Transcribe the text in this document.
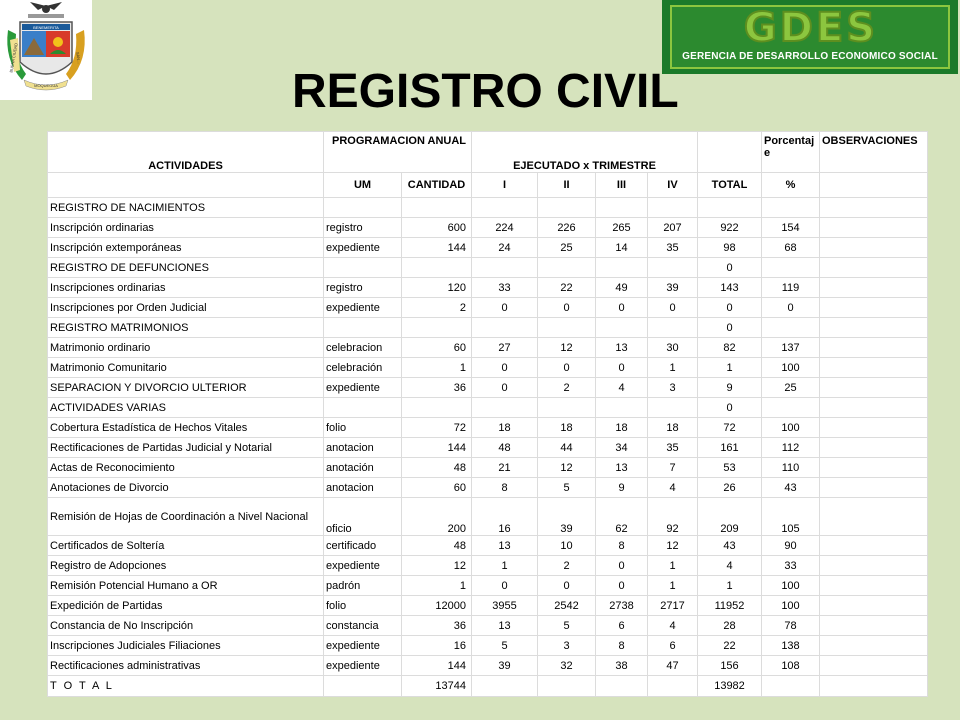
BENEMERITA
BUENA CIUDAD	SAN...
MOQUEGUA
GDES
GERENCIA DE DESARROLLO ECONOMICO SOCIAL
REGISTRO CIVIL
ACTIVIDADES	PROGRAMACION ANUAL		EJECUTADO x TRIMESTRE					Porcentaje	OBSERVACIONES
	UM	CANTIDAD	I	II	III	IV	TOTAL	%	
REGISTRO DE NACIMIENTOS									
Inscripción ordinarias	registro	600	224	226	265	207	922	154	
Inscripción extemporáneas	expediente	144	24	25	14	35	98	68	
REGISTRO DE DEFUNCIONES							0		
Inscripciones ordinarias	registro	120	33	22	49	39	143	119	
Inscripciones por Orden Judicial	expediente	2	0	0	0	0	0	0	
REGISTRO MATRIMONIOS							0		
Matrimonio ordinario	celebracion	60	27	12	13	30	82	137	
Matrimonio Comunitario	celebración	1	0	0	0	1	1	100	
SEPARACION Y DIVORCIO ULTERIOR	expediente	36	0	2	4	3	9	25	
ACTIVIDADES VARIAS							0		
Cobertura Estadística de Hechos Vitales	folio	72	18	18	18	18	72	100	
Rectificaciones de Partidas Judicial y Notarial	anotacion	144	48	44	34	35	161	112	
Actas de Reconocimiento	anotación	48	21	12	13	7	53	110	
Anotaciones de Divorcio	anotacion	60	8	5	9	4	26	43	
Remisión de Hojas de Coordinación a Nivel Nacional	oficio	200	16	39	62	92	209	105	
Certificados de Soltería	certificado	48	13	10	8	12	43	90	
Registro de Adopciones	expediente	12	1	2	0	1	4	33	
Remisión Potencial Humano a OR	padrón	1	0	0	0	1	1	100	
Expedición de Partidas	folio	12000	3955	2542	2738	2717	11952	100	
Constancia de No Inscripción	constancia	36	13	5	6	4	28	78	
Inscripciones Judiciales Filiaciones	expediente	16	5	3	8	6	22	138	
Rectificaciones administrativas	expediente	144	39	32	38	47	156	108	
T O T A L		13744					13982		
